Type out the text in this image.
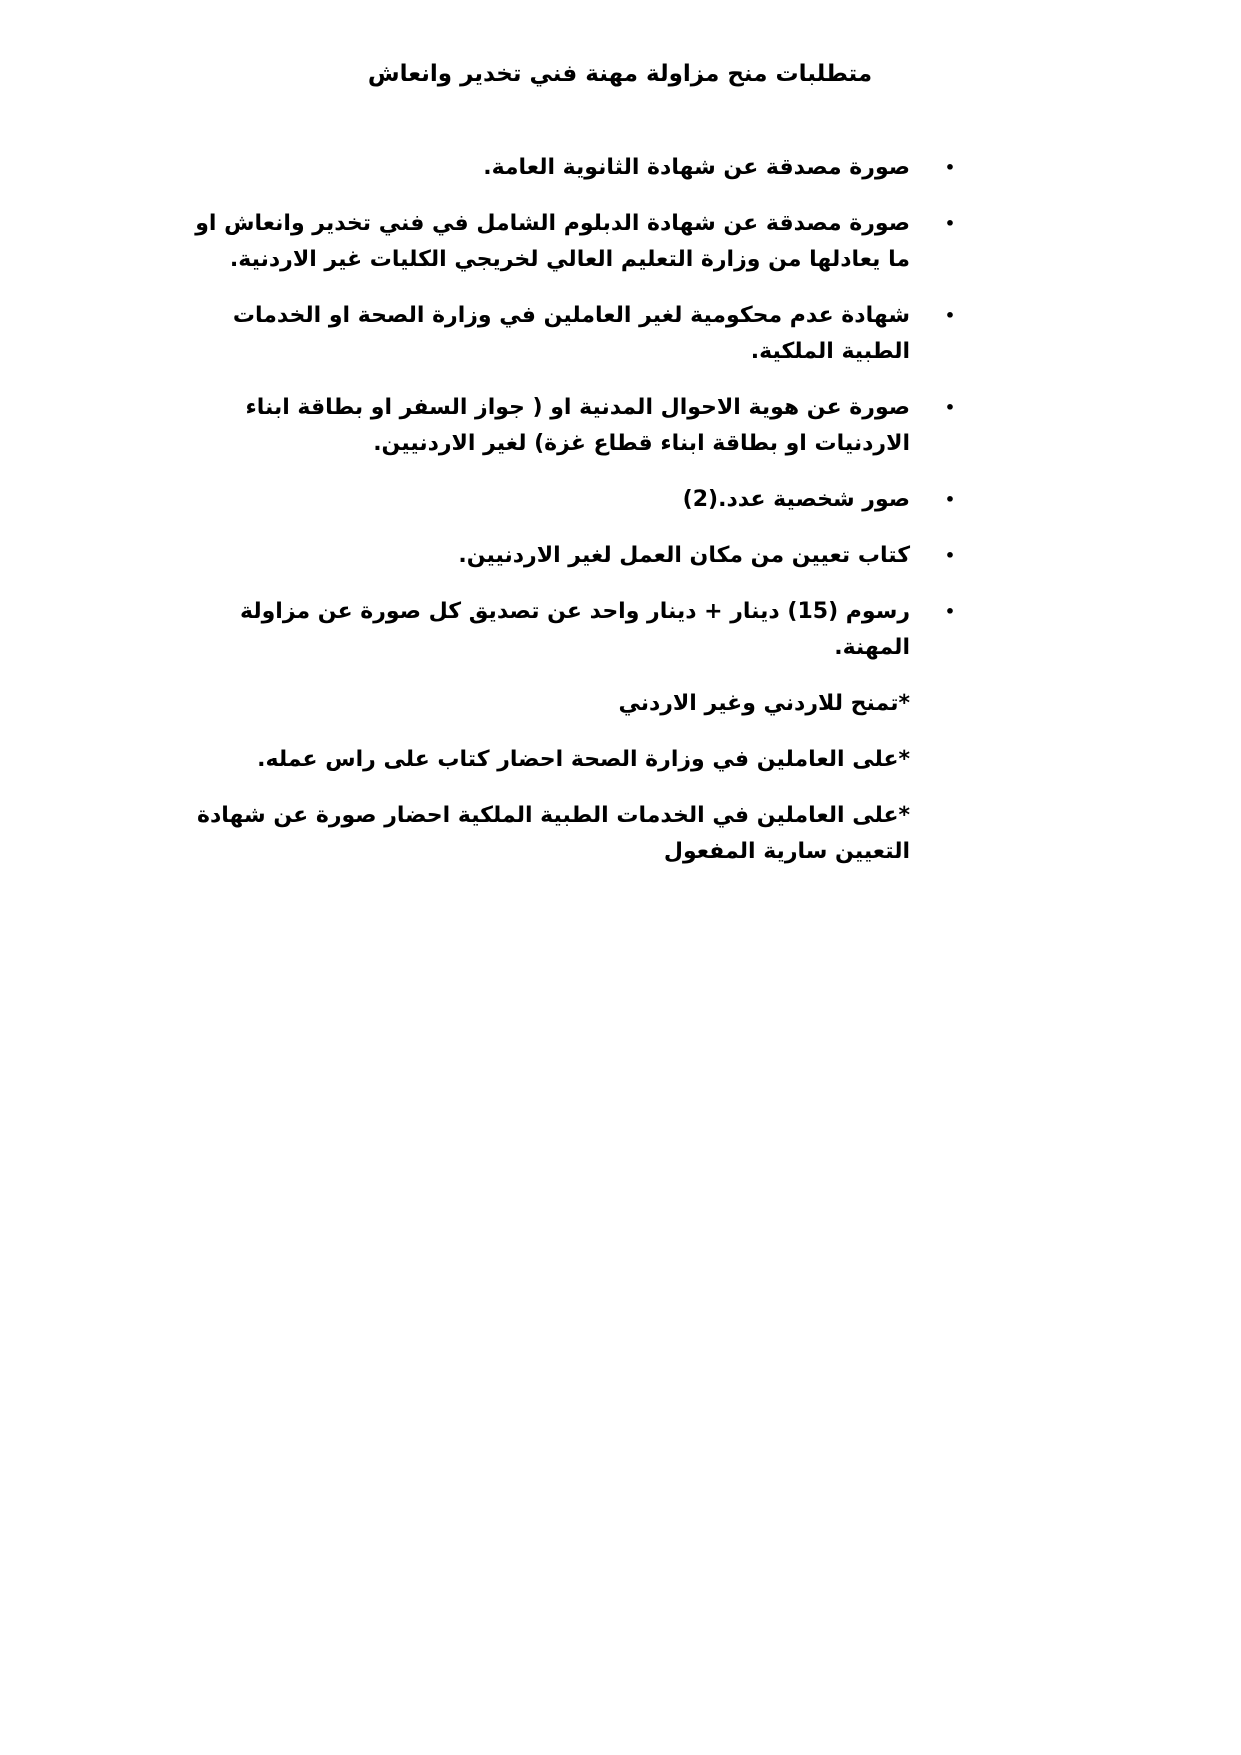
متطلبات منح مزاولة مهنة فني تخدير وانعاش
•
صورة مصدقة عن شهادة الثانوية العامة.
•
صورة مصدقة عن شهادة الدبلوم الشامل في فني تخدير وانعاش او ما يعادلها من وزارة التعليم العالي لخريجي الكليات غير الاردنية.
•
شهادة عدم محكومية لغير العاملين في وزارة الصحة او الخدمات الطبية الملكية.
•
صورة عن هوية الاحوال المدنية او ( جواز السفر او بطاقة ابناء الاردنيات او بطاقة ابناء قطاع غزة) لغير الاردنيين.
•
صور شخصية عدد.(2)
•
كتاب تعيين من مكان العمل لغير الاردنيين.
•
رسوم (15) دينار + دينار واحد عن تصديق كل صورة عن مزاولة المهنة.

*تمنح للاردني وغير الاردني

*على العاملين في وزارة الصحة احضار كتاب على راس عمله.

*على العاملين في الخدمات الطبية الملكية احضار صورة عن شهادة التعيين سارية المفعول
